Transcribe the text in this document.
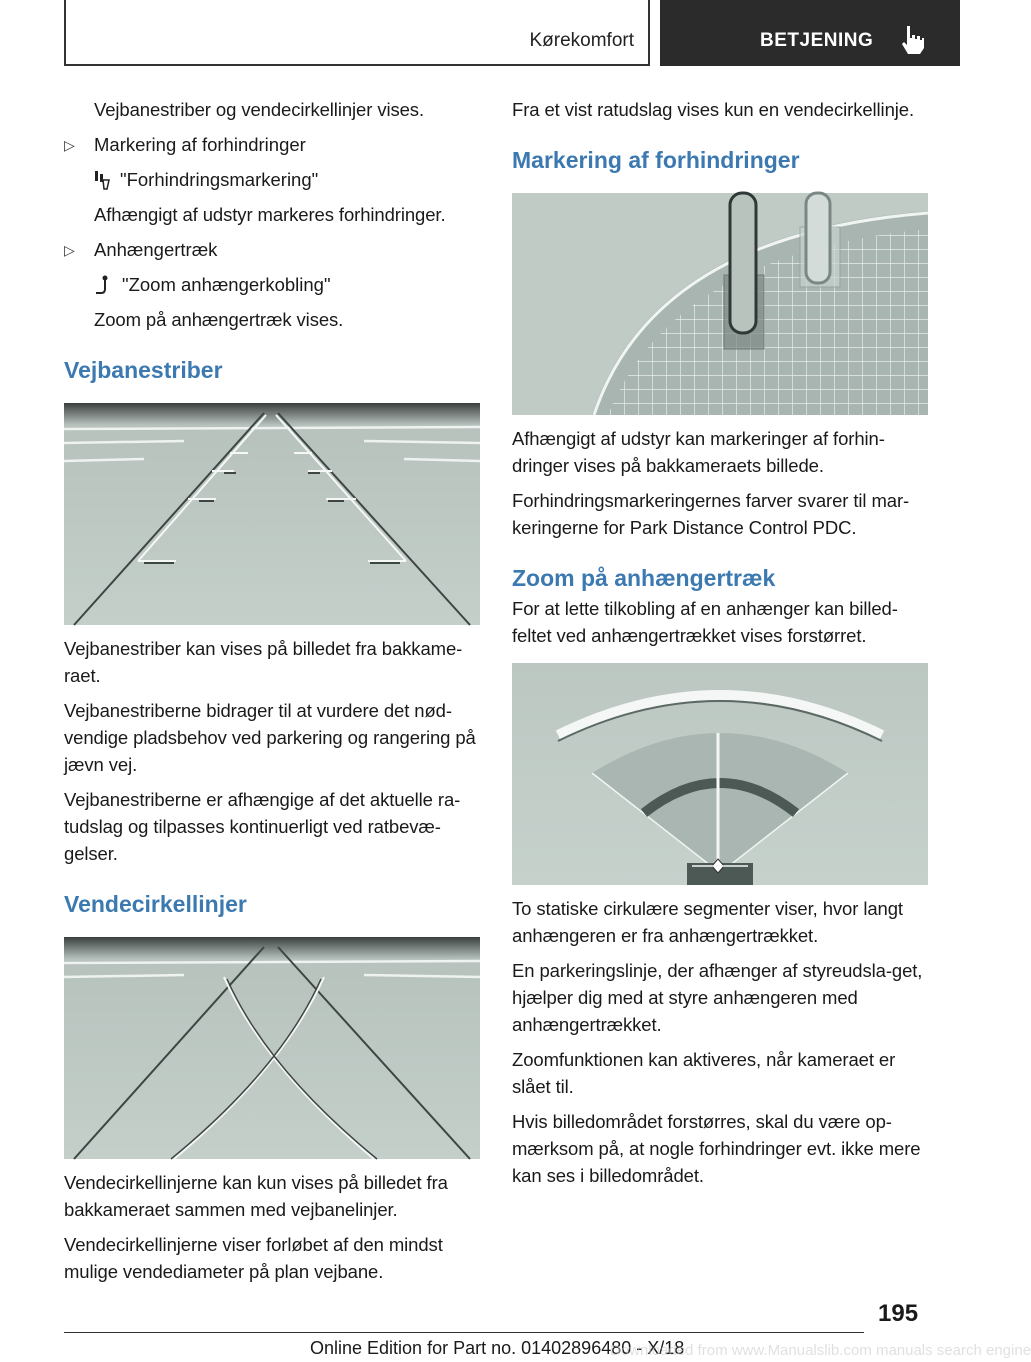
Kørekomfort	BETJENING

Vejbanestriber og vendecirkellinjer vises.

▷ Markering af forhindringer
"Forhindringsmarkering"

Afhængigt af udstyr markeres forhindringer.

▷ Anhængertræk
"Zoom anhængerkobling"

Zoom på anhængertræk vises.

Vejbanestriber

Vejbanestriber kan vises på billedet fra bakkame-raet.

Vejbanestriberne bidrager til at vurdere det nød-vendige pladsbehov ved parkering og rangering på jævn vej.

Vejbanestriberne er afhængige af det aktuelle ra-tudslag og tilpasses kontinuerligt ved ratbevæ-gelser.

Vendecirkellinjer

Vendecirkellinjerne kan kun vises på billedet fra bakkameraet sammen med vejbanelinjer.

Vendecirkellinjerne viser forløbet af den mindst mulige vendediameter på plan vejbane.

Fra et vist ratudslag vises kun en vendecirkellinje.

Markering af forhindringer

Afhængigt af udstyr kan markeringer af forhin-dringer vises på bakkameraets billede.

Forhindringsmarkeringernes farver svarer til mar-keringerne for Park Distance Control PDC.

Zoom på anhængertræk

For at lette tilkobling af en anhænger kan billed-feltet ved anhængertrækket vises forstørret.

To statiske cirkulære segmenter viser, hvor langt anhængeren er fra anhængertrækket.

En parkeringslinje, der afhænger af styreudsla-get, hjælper dig med at styre anhængeren med anhængertrækket.

Zoomfunktionen kan aktiveres, når kameraet er slået til.

Hvis billedområdet forstørres, skal du være op-mærksom på, at nogle forhindringer evt. ikke mere kan ses i billedområdet.

195
Online Edition for Part no. 01402896480 - X/18
Downloaded from www.Manualslib.com manuals search engine
